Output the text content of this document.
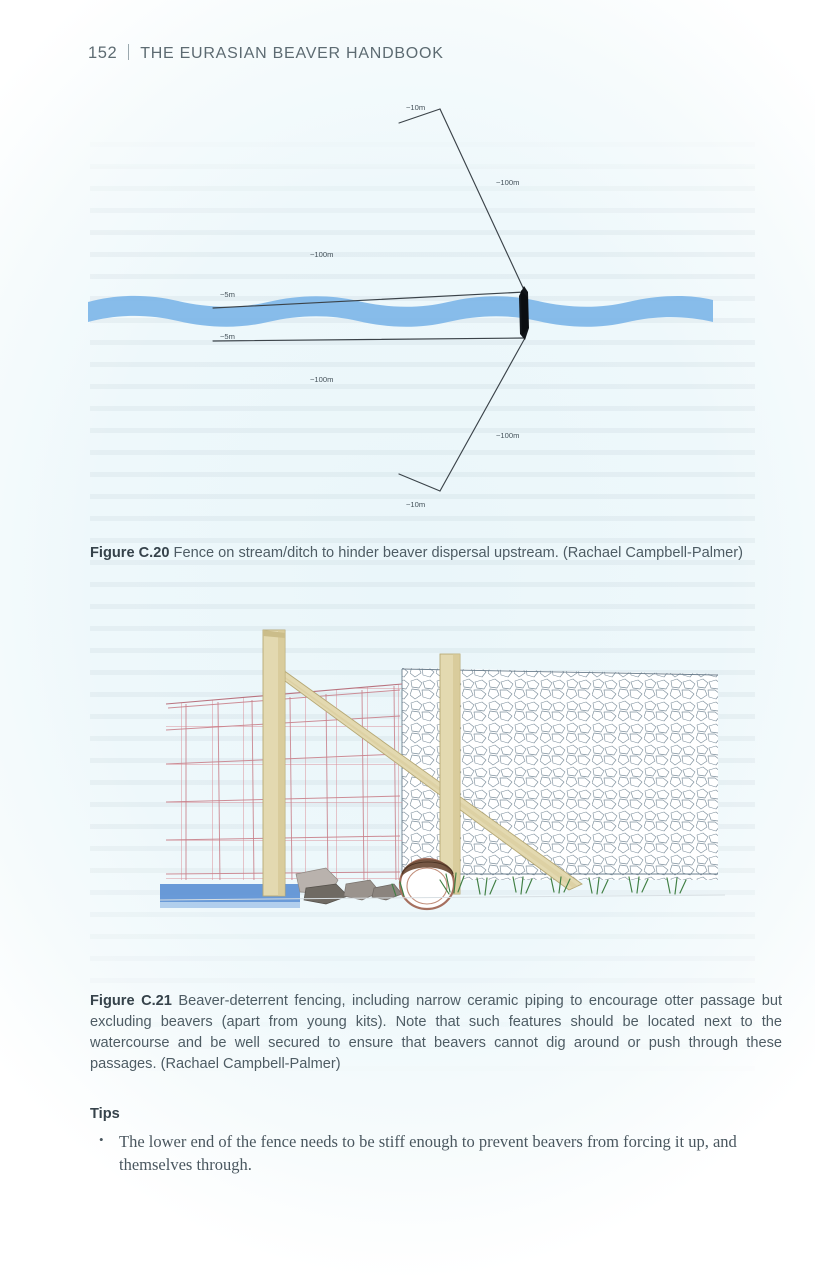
152 THE EURASIAN BEAVER HANDBOOK
~10m
~100m
~100m
~5m
~5m
~100m
~100m
~10m
Figure C.20 Fence on stream/ditch to hinder beaver dispersal upstream. (Rachael Campbell-Palmer)
Figure C.21 Beaver-deterrent fencing, including narrow ceramic piping to encourage otter passage but excluding beavers (apart from young kits). Note that such features should be located next to the watercourse and be well secured to ensure that beavers cannot dig around or push through these passages. (Rachael Campbell-Palmer)
Tips
• The lower end of the fence needs to be stiff enough to prevent beavers from forcing it up, and themselves through.
